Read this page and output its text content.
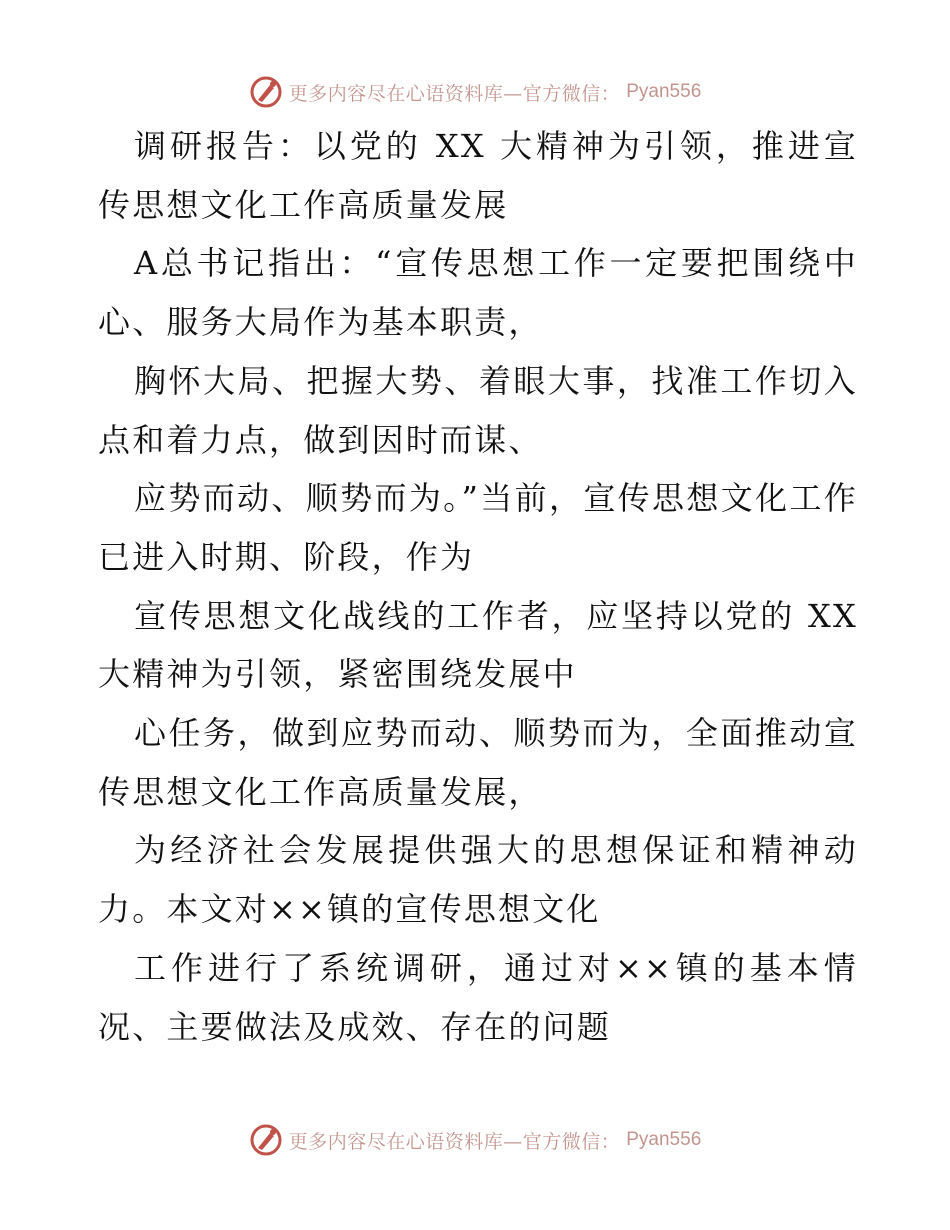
更多内容尽在心语资料库—官方微信： Pyan556

调研报告：以党的 XX 大精神为引领，推进宣传思想文化工作高质量发展

A总书记指出：“宣传思想工作一定要把围绕中心、服务大局作为基本职责，

胸怀大局、把握大势、着眼大事，找准工作切入点和着力点，做到因时而谋、

应势而动、顺势而为。”当前，宣传思想文化工作已进入时期、阶段，作为

宣传思想文化战线的工作者，应坚持以党的 XX 大精神为引领，紧密围绕发展中

心任务，做到应势而动、顺势而为，全面推动宣传思想文化工作高质量发展，

为经济社会发展提供强大的思想保证和精神动力。本文对××镇的宣传思想文化

工作进行了系统调研，通过对××镇的基本情况、主要做法及成效、存在的问题

更多内容尽在心语资料库—官方微信： Pyan556
